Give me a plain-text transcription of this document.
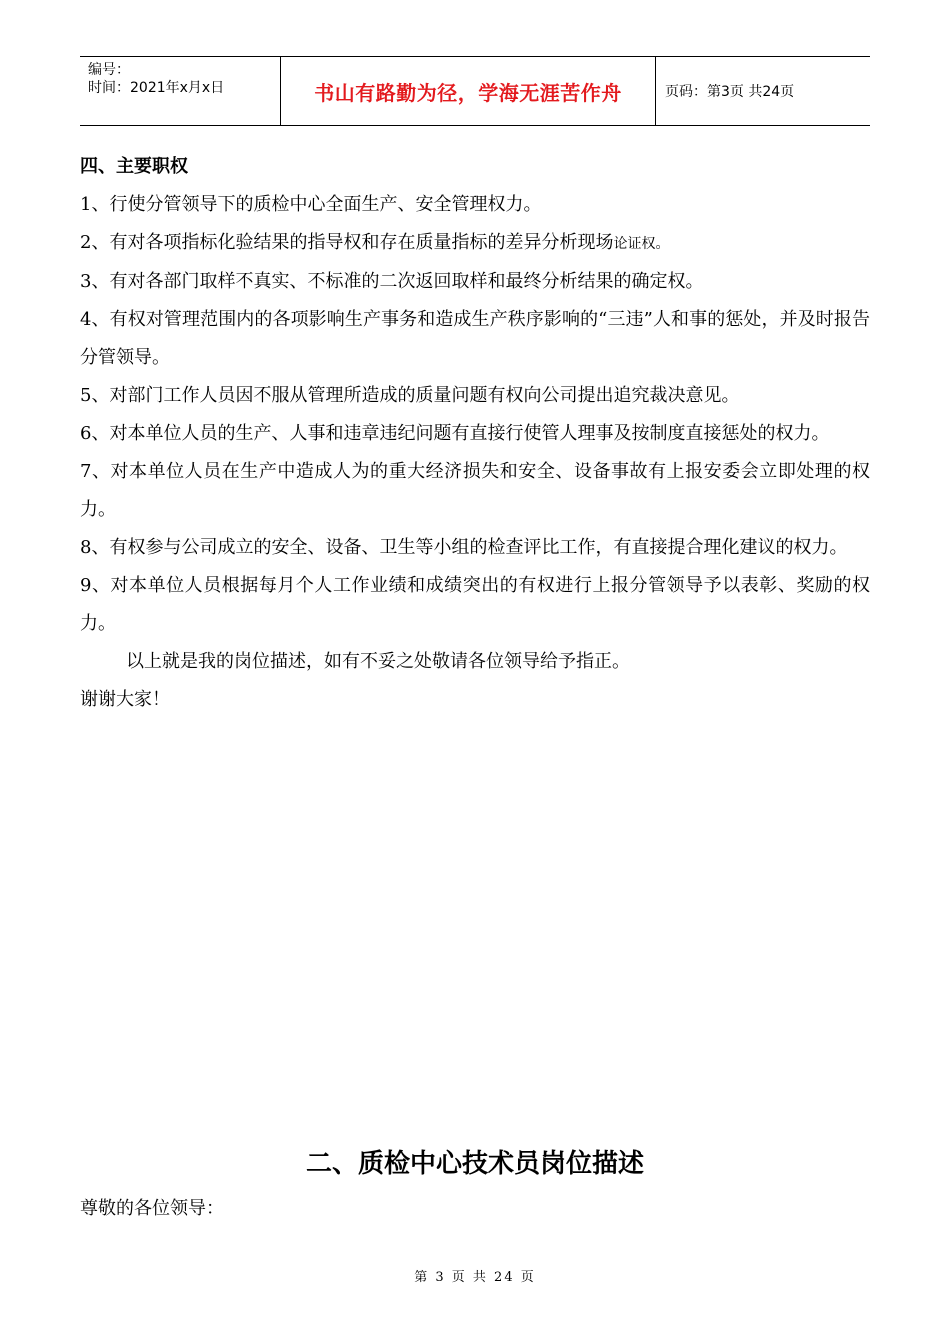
编号：
时间：2021年x月x日	书山有路勤为径，学海无涯苦作舟	页码：第3页 共24页
四、主要职权

1、行使分管领导下的质检中心全面生产、安全管理权力。

2、有对各项指标化验结果的指导权和存在质量指标的差异分析现场论证权。

3、有对各部门取样不真实、不标准的二次返回取样和最终分析结果的确定权。

4、有权对管理范围内的各项影响生产事务和造成生产秩序影响的“三违”人和事的惩处，并及时报告分管领导。

5、对部门工作人员因不服从管理所造成的质量问题有权向公司提出追究裁决意见。

6、对本单位人员的生产、人事和违章违纪问题有直接行使管人理事及按制度直接惩处的权力。

7、对本单位人员在生产中造成人为的重大经济损失和安全、设备事故有上报安委会立即处理的权力。

8、有权参与公司成立的安全、设备、卫生等小组的检查评比工作，有直接提合理化建议的权力。

9、对本单位人员根据每月个人工作业绩和成绩突出的有权进行上报分管领导予以表彰、奖励的权力。

以上就是我的岗位描述，如有不妥之处敬请各位领导给予指正。

谢谢大家！

二、质检中心技术员岗位描述

尊敬的各位领导：

第 3 页 共 24 页
